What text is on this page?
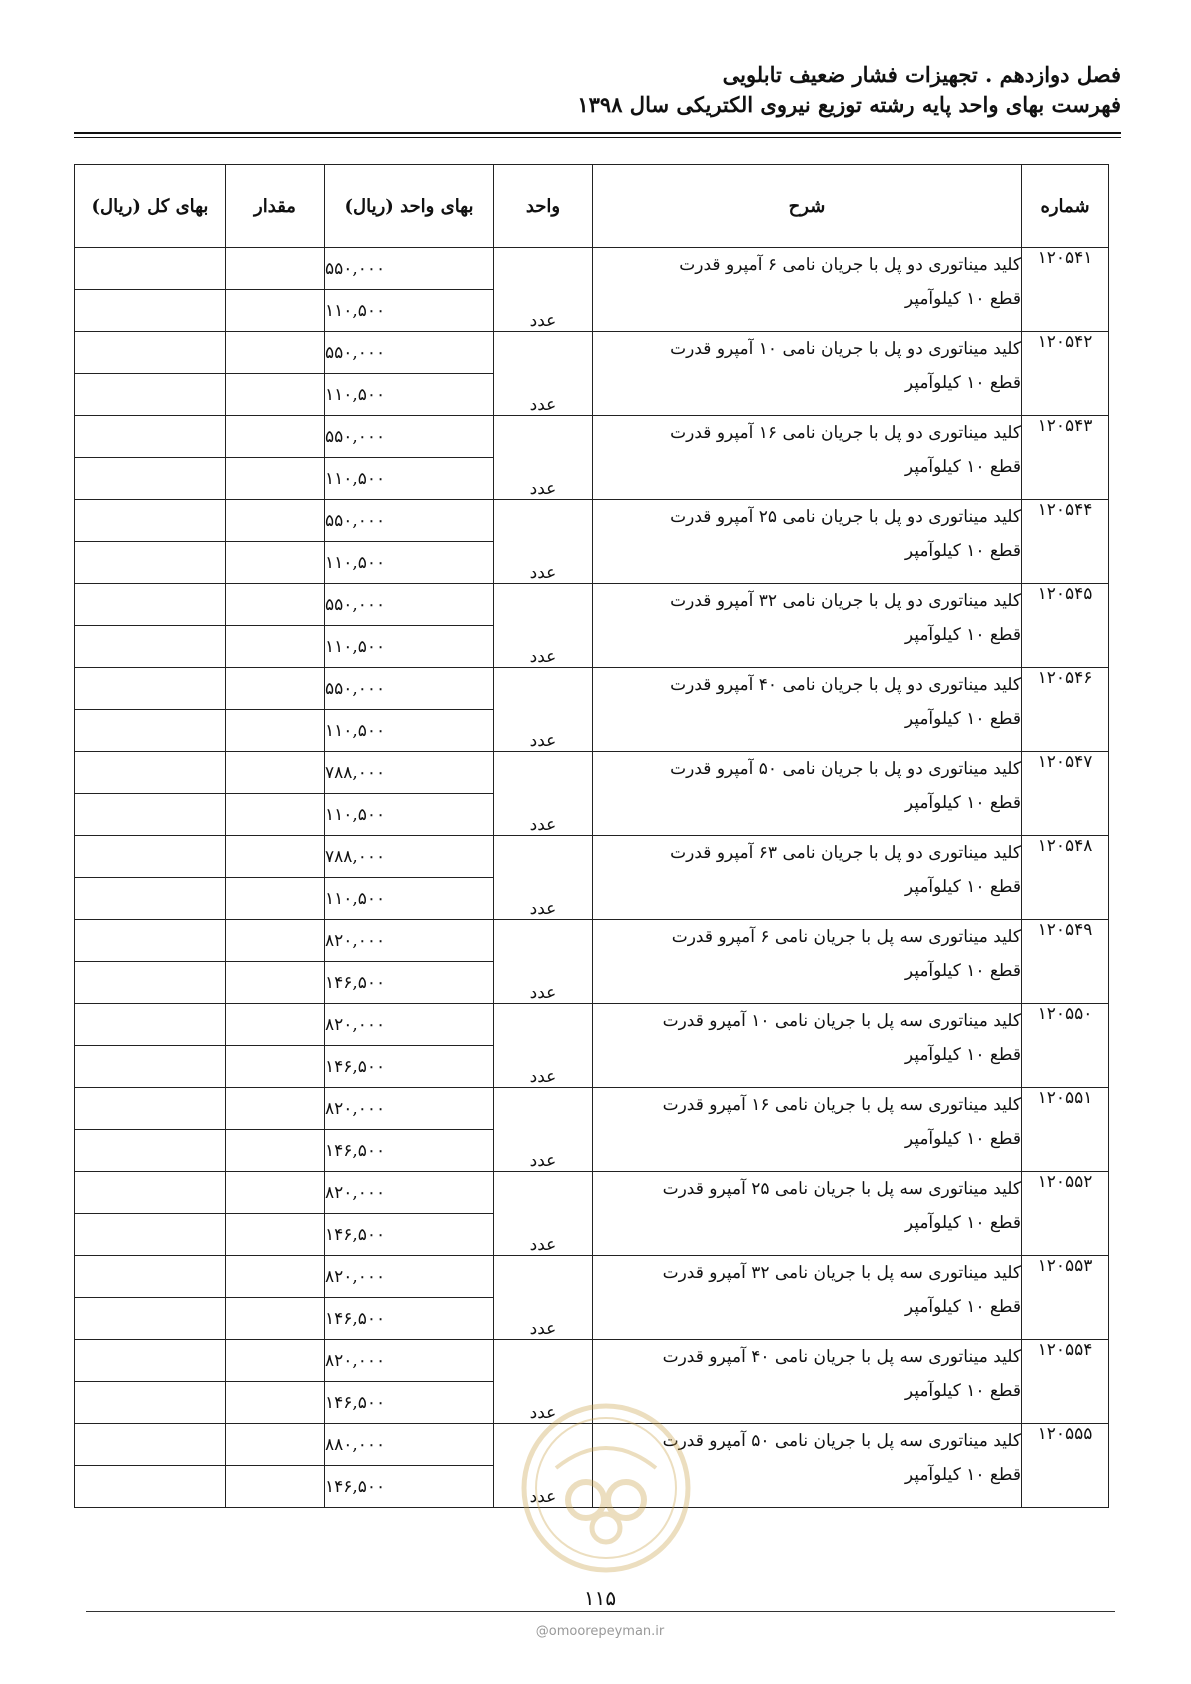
فصل دوازدهم . تجهیزات فشار ضعیف تابلویی
فهرست بهای واحد پایه رشته توزیع نیروی الکتریکی سال ۱۳۹۸
شماره	شرح	واحد	بهای واحد (ریال)	مقدار	بهای کل (ریال)
۱۲۰۵۴۱	کلید میناتوری دو پل با جریان نامی ۶ آمپرو قدرت
قطع ۱۰ کیلوآمپر	عدد	۵۵۰,۰۰۰		
			۱۱۰,۵۰۰		
۱۲۰۵۴۲	کلید میناتوری دو پل با جریان نامی ۱۰ آمپرو قدرت
قطع ۱۰ کیلوآمپر	عدد	۵۵۰,۰۰۰		
			۱۱۰,۵۰۰		
۱۲۰۵۴۳	کلید میناتوری دو پل با جریان نامی ۱۶ آمپرو قدرت
قطع ۱۰ کیلوآمپر	عدد	۵۵۰,۰۰۰		
			۱۱۰,۵۰۰		
۱۲۰۵۴۴	کلید میناتوری دو پل با جریان نامی ۲۵ آمپرو قدرت
قطع ۱۰ کیلوآمپر	عدد	۵۵۰,۰۰۰		
			۱۱۰,۵۰۰		
۱۲۰۵۴۵	کلید میناتوری دو پل با جریان نامی ۳۲ آمپرو قدرت
قطع ۱۰ کیلوآمپر	عدد	۵۵۰,۰۰۰		
			۱۱۰,۵۰۰		
۱۲۰۵۴۶	کلید میناتوری دو پل با جریان نامی ۴۰ آمپرو قدرت
قطع ۱۰ کیلوآمپر	عدد	۵۵۰,۰۰۰		
			۱۱۰,۵۰۰		
۱۲۰۵۴۷	کلید میناتوری دو پل با جریان نامی ۵۰ آمپرو قدرت
قطع ۱۰ کیلوآمپر	عدد	۷۸۸,۰۰۰		
			۱۱۰,۵۰۰		
۱۲۰۵۴۸	کلید میناتوری دو پل با جریان نامی ۶۳ آمپرو قدرت
قطع ۱۰ کیلوآمپر	عدد	۷۸۸,۰۰۰		
			۱۱۰,۵۰۰		
۱۲۰۵۴۹	کلید میناتوری سه پل با جریان نامی ۶ آمپرو قدرت
قطع ۱۰ کیلوآمپر	عدد	۸۲۰,۰۰۰		
			۱۴۶,۵۰۰		
۱۲۰۵۵۰	کلید میناتوری سه پل با جریان نامی ۱۰ آمپرو قدرت
قطع ۱۰ کیلوآمپر	عدد	۸۲۰,۰۰۰		
			۱۴۶,۵۰۰		
۱۲۰۵۵۱	کلید میناتوری سه پل با جریان نامی ۱۶ آمپرو قدرت
قطع ۱۰ کیلوآمپر	عدد	۸۲۰,۰۰۰		
			۱۴۶,۵۰۰		
۱۲۰۵۵۲	کلید میناتوری سه پل با جریان نامی ۲۵ آمپرو قدرت
قطع ۱۰ کیلوآمپر	عدد	۸۲۰,۰۰۰		
			۱۴۶,۵۰۰		
۱۲۰۵۵۳	کلید میناتوری سه پل با جریان نامی ۳۲ آمپرو قدرت
قطع ۱۰ کیلوآمپر	عدد	۸۲۰,۰۰۰		
			۱۴۶,۵۰۰		
۱۲۰۵۵۴	کلید میناتوری سه پل با جریان نامی ۴۰ آمپرو قدرت
قطع ۱۰ کیلوآمپر	عدد	۸۲۰,۰۰۰		
			۱۴۶,۵۰۰		
۱۲۰۵۵۵	کلید میناتوری سه پل با جریان نامی ۵۰ آمپرو قدرت
قطع ۱۰ کیلوآمپر	عدد	۸۸۰,۰۰۰		
			۱۴۶,۵۰۰		
۱۱۵
@omoorepeyman.ir
